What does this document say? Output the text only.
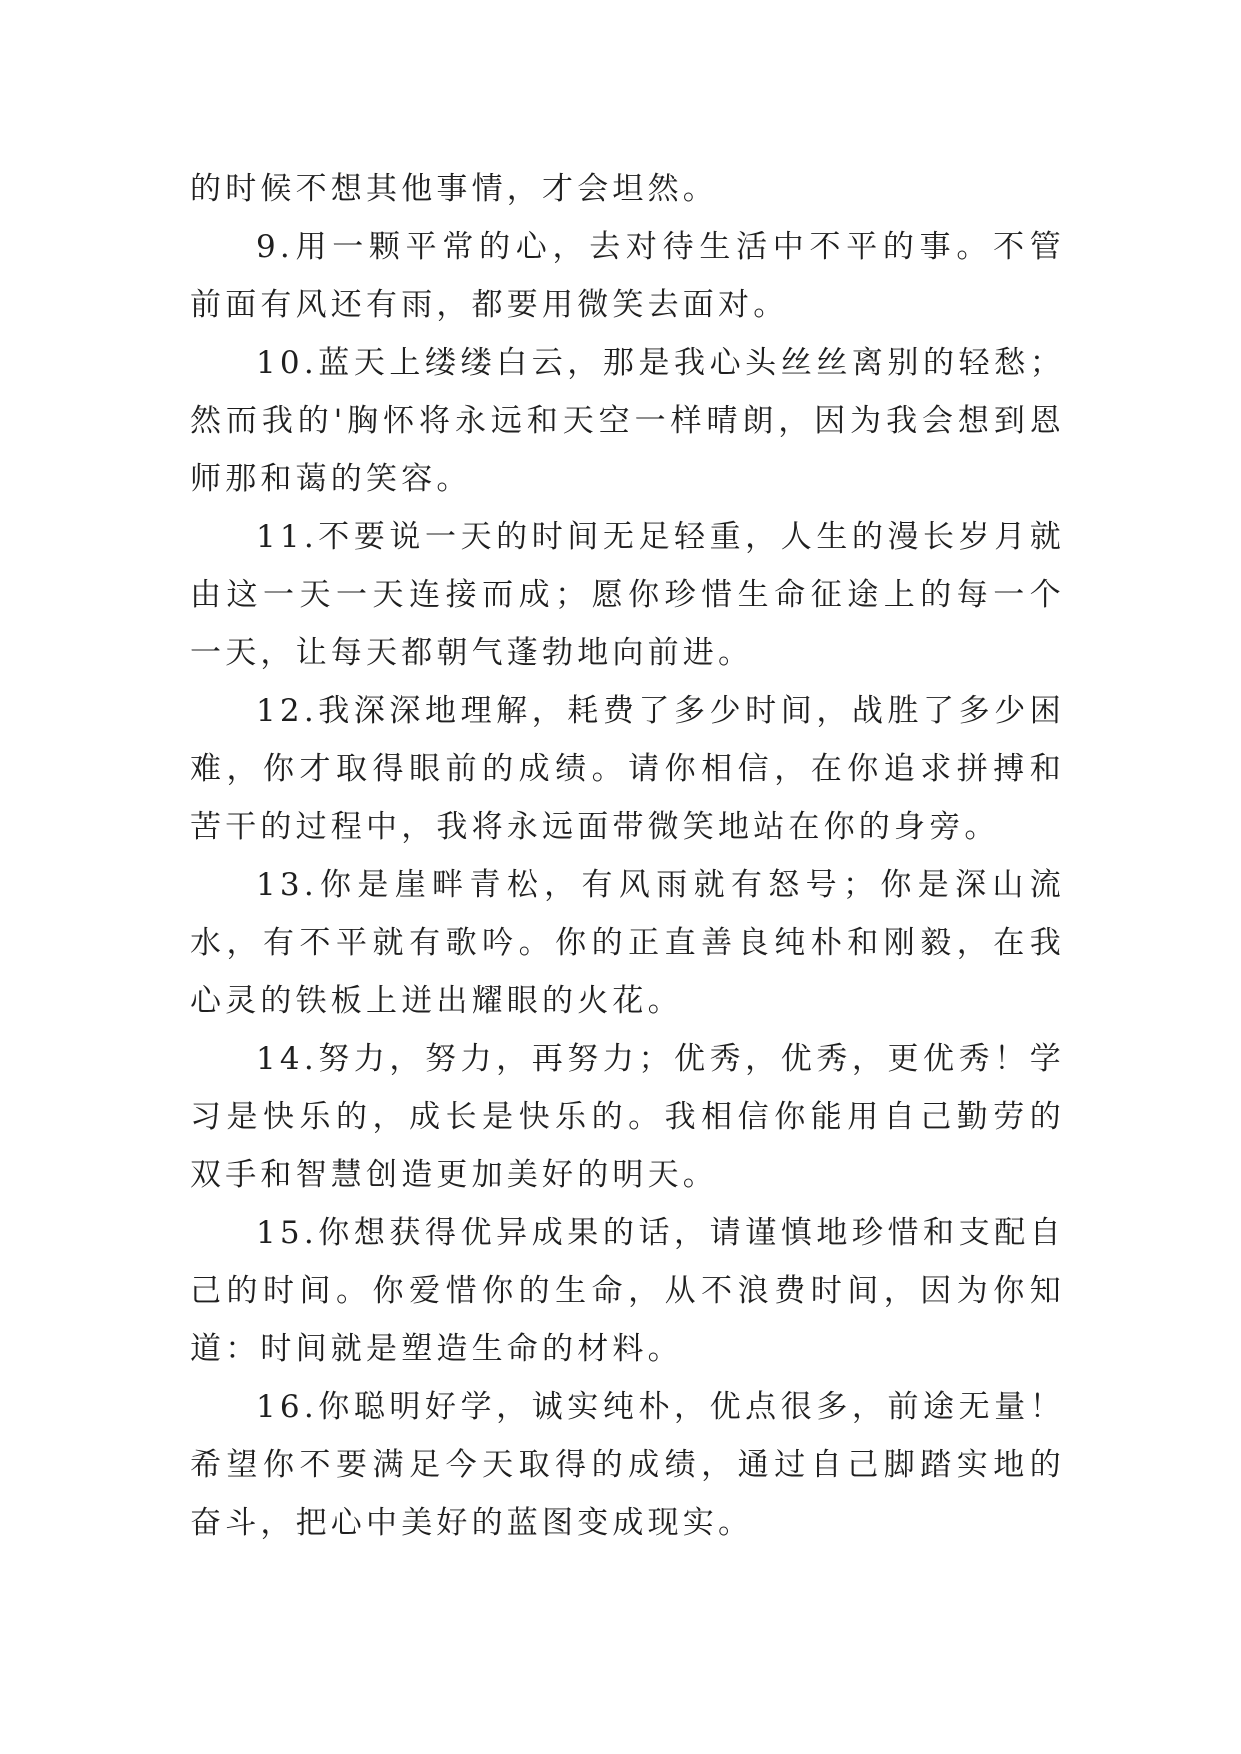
的时候不想其他事情，才会坦然。

9.用一颗平常的心，去对待生活中不平的事。不管前面有风还有雨，都要用微笑去面对。

10.蓝天上缕缕白云，那是我心头丝丝离别的轻愁；然而我的'胸怀将永远和天空一样晴朗，因为我会想到恩师那和蔼的笑容。

11.不要说一天的时间无足轻重，人生的漫长岁月就由这一天一天连接而成；愿你珍惜生命征途上的每一个一天，让每天都朝气蓬勃地向前进。

12.我深深地理解，耗费了多少时间，战胜了多少困难，你才取得眼前的成绩。请你相信，在你追求拼搏和苦干的过程中，我将永远面带微笑地站在你的身旁。

13.你是崖畔青松，有风雨就有怒号；你是深山流水，有不平就有歌吟。你的正直善良纯朴和刚毅，在我心灵的铁板上迸出耀眼的火花。

14.努力，努力，再努力；优秀，优秀，更优秀！学习是快乐的，成长是快乐的。我相信你能用自己勤劳的双手和智慧创造更加美好的明天。

15.你想获得优异成果的话，请谨慎地珍惜和支配自己的时间。你爱惜你的生命，从不浪费时间，因为你知道：时间就是塑造生命的材料。

16.你聪明好学，诚实纯朴，优点很多，前途无量！希望你不要满足今天取得的成绩，通过自己脚踏实地的奋斗，把心中美好的蓝图变成现实。
